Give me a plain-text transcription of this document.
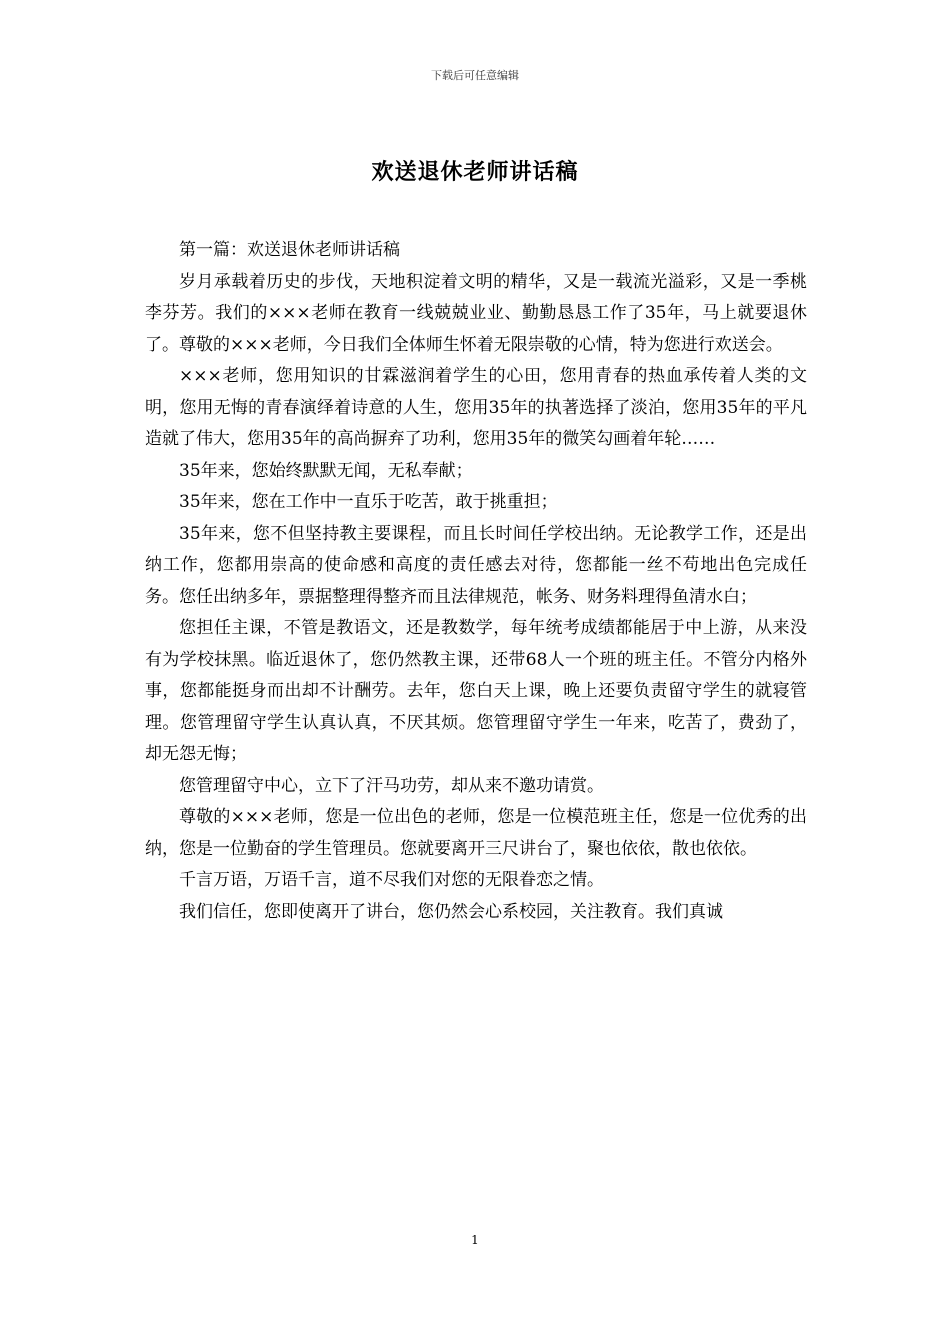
下载后可任意编辑
欢送退休老师讲话稿

第一篇：欢送退休老师讲话稿

岁月承载着历史的步伐，天地积淀着文明的精华，又是一载流光溢彩，又是一季桃李芬芳。我们的×××老师在教育一线兢兢业业、勤勤恳恳工作了35年，马上就要退休了。尊敬的×××老师，今日我们全体师生怀着无限崇敬的心情，特为您进行欢送会。

×××老师，您用知识的甘霖滋润着学生的心田，您用青春的热血承传着人类的文明，您用无悔的青春演绎着诗意的人生，您用35年的执著选择了淡泊，您用35年的平凡造就了伟大，您用35年的高尚摒弃了功利，您用35年的微笑勾画着年轮……

35年来，您始终默默无闻，无私奉献；

35年来，您在工作中一直乐于吃苦，敢于挑重担；

35年来，您不但坚持教主要课程，而且长时间任学校出纳。无论教学工作，还是出纳工作，您都用崇高的使命感和高度的责任感去对待，您都能一丝不苟地出色完成任务。您任出纳多年，票据整理得整齐而且法律规范，帐务、财务料理得鱼清水白；

您担任主课，不管是教语文，还是教数学，每年统考成绩都能居于中上游，从来没有为学校抹黑。临近退休了，您仍然教主课，还带68人一个班的班主任。不管分内格外事，您都能挺身而出却不计酬劳。去年，您白天上课，晚上还要负责留守学生的就寝管理。您管理留守学生认真认真，不厌其烦。您管理留守学生一年来，吃苦了，费劲了，却无怨无悔；

您管理留守中心，立下了汗马功劳，却从来不邀功请赏。

尊敬的×××老师，您是一位出色的老师，您是一位模范班主任，您是一位优秀的出纳，您是一位勤奋的学生管理员。您就要离开三尺讲台了，聚也依依，散也依依。

千言万语，万语千言，道不尽我们对您的无限眷恋之情。

我们信任，您即使离开了讲台，您仍然会心系校园，关注教育。我们真诚

1
